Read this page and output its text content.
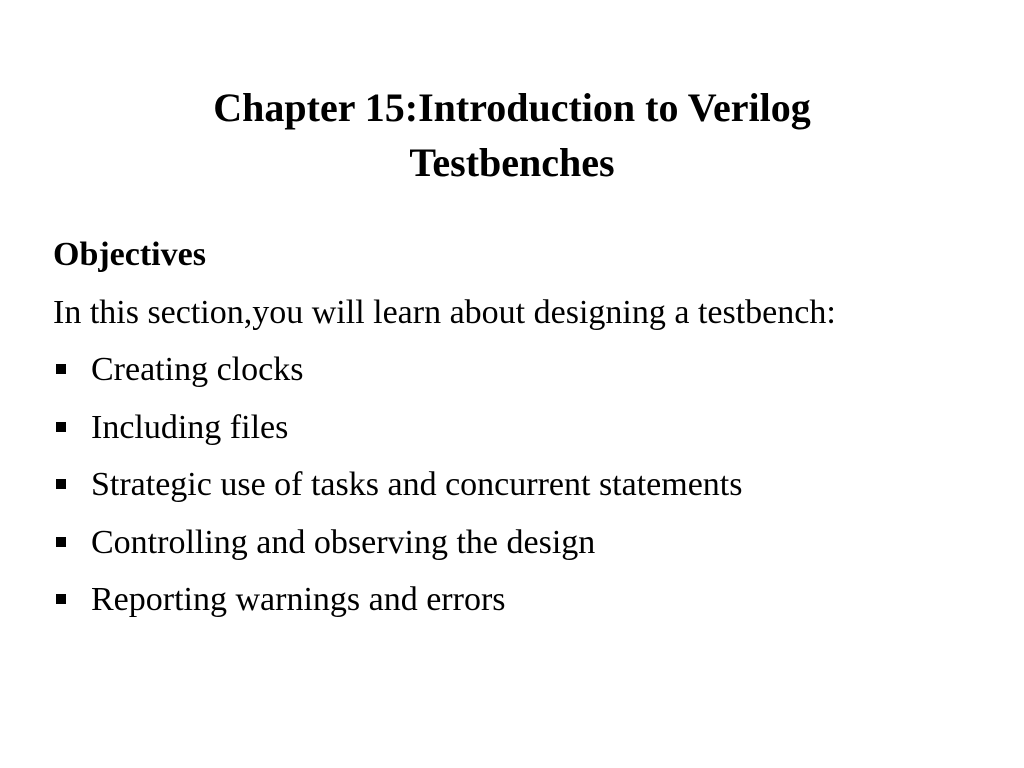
Chapter 15:Introduction to Verilog
Testbenches

Objectives

In this section,you will learn about designing a testbench:

Creating clocks
Including files
Strategic use of tasks and concurrent statements
Controlling and observing the design
Reporting warnings and errors
